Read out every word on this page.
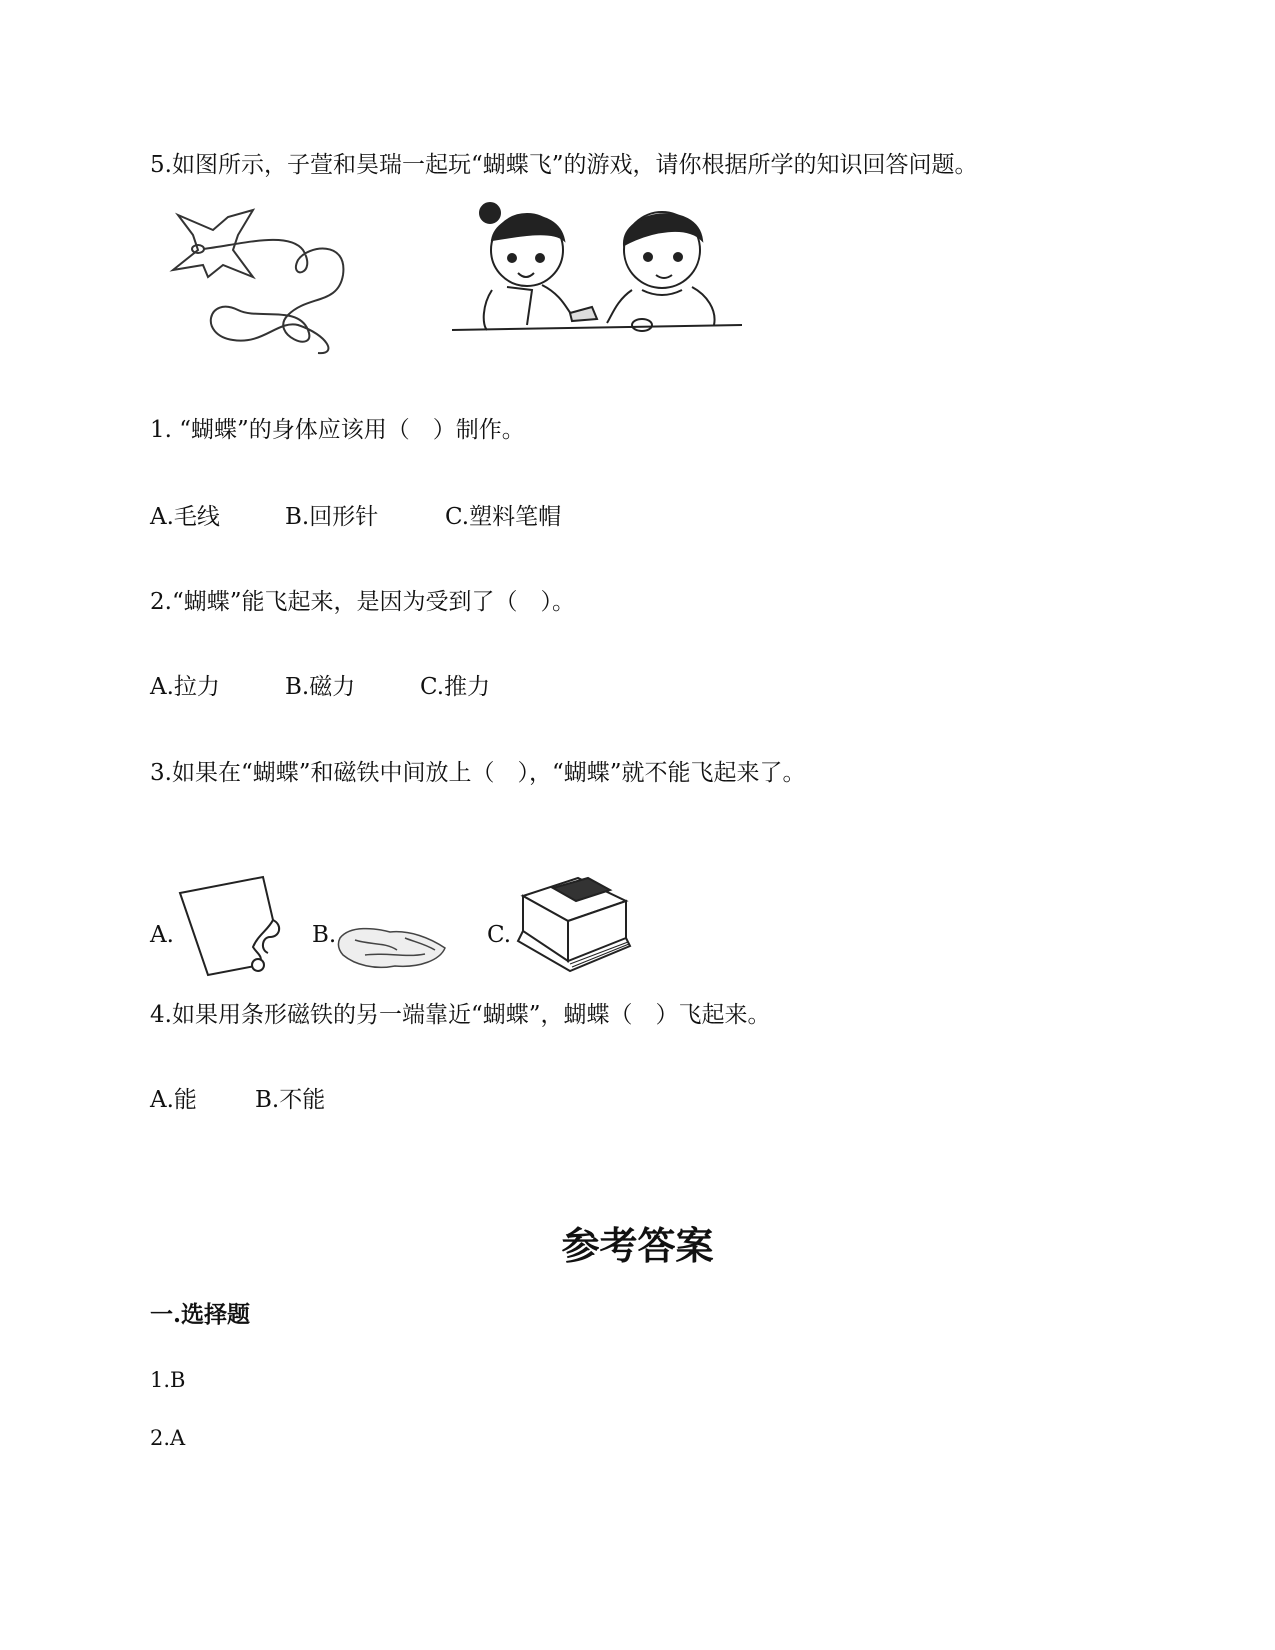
5.如图所示，子萱和昊瑞一起玩“蝴蝶飞”的游戏，请你根据所学的知识回答问题。
1. “蝴蝶”的身体应该用（　）制作。
A.毛线	B.回形针	C.塑料笔帽
2.“蝴蝶”能飞起来，是因为受到了（　）。
A.拉力	B.磁力	C.推力
3.如果在“蝴蝶”和磁铁中间放上（　），“蝴蝶”就不能飞起来了。
A.	B.	C.
4.如果用条形磁铁的另一端靠近“蝴蝶”，蝴蝶（　）飞起来。
A.能	B.不能
参考答案
一.选择题
1.B
2.A
